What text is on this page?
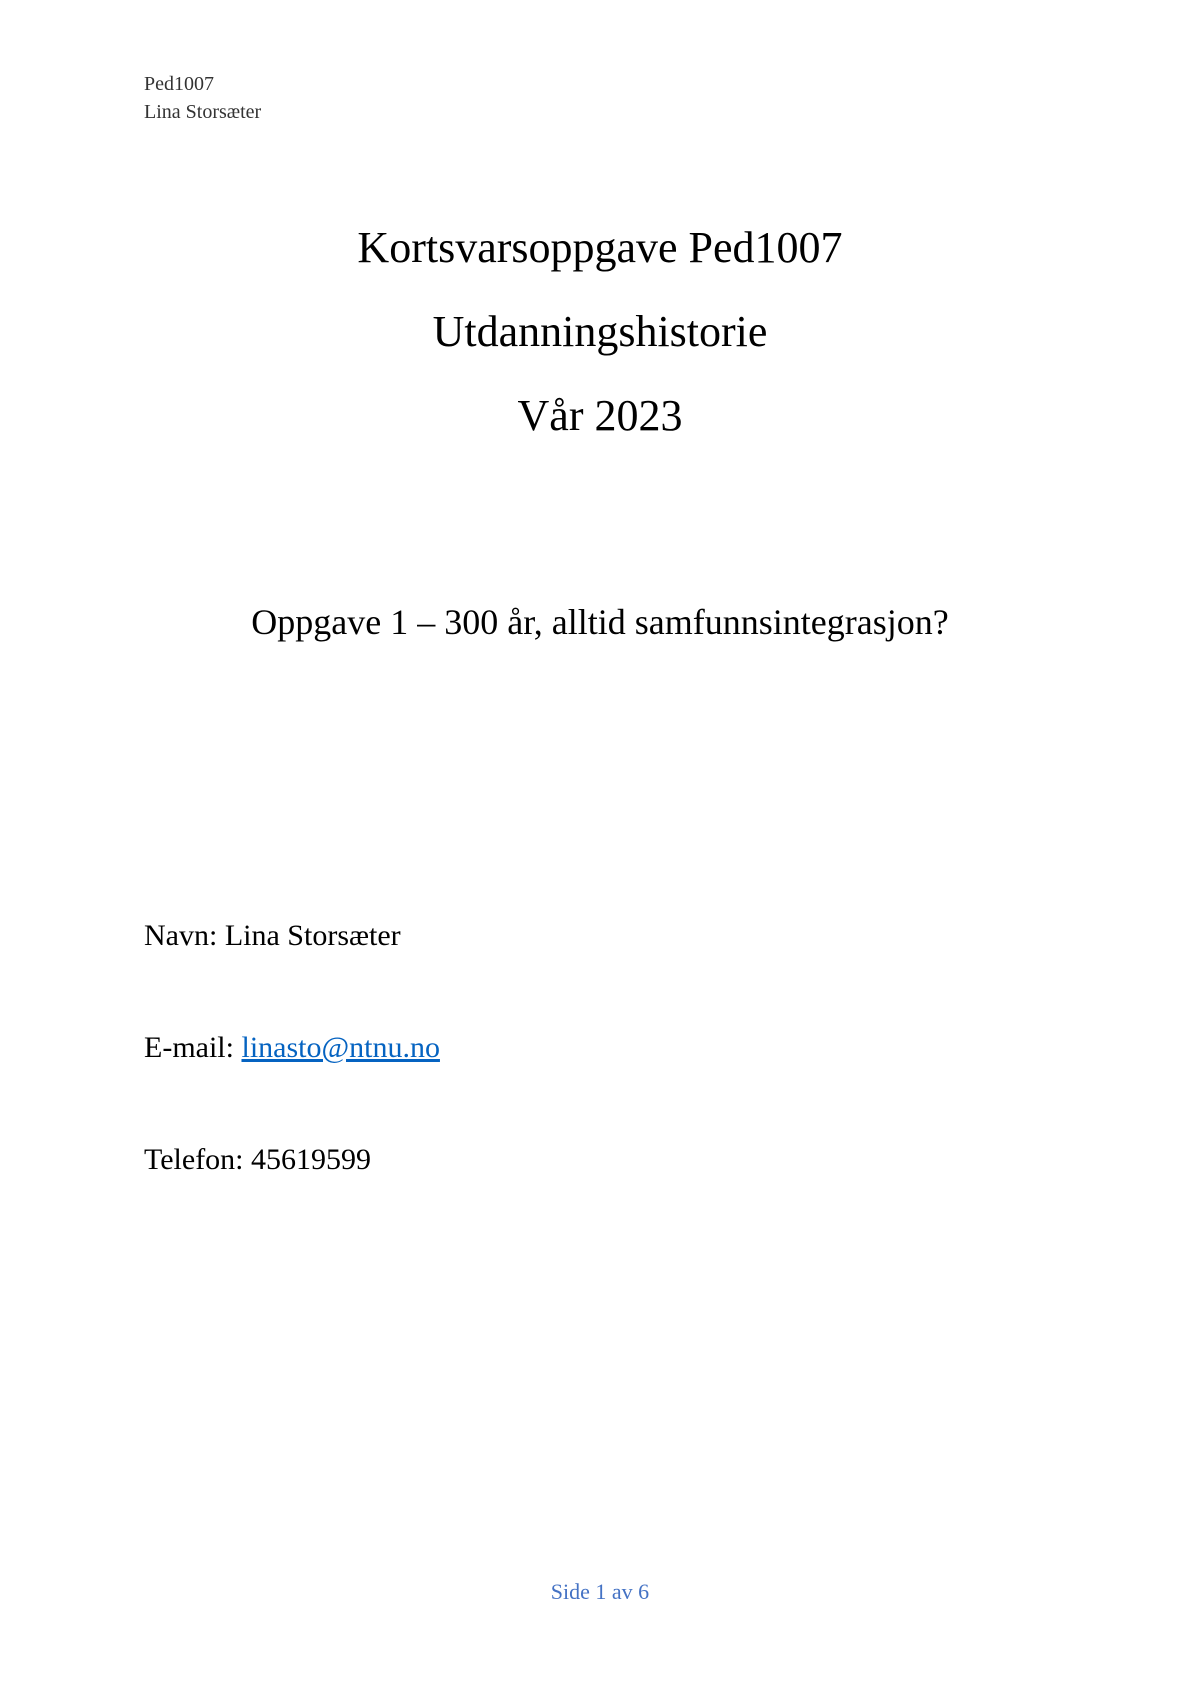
Ped1007
Lina Storsæter
Kortsvarsoppgave Ped1007
Utdanningshistorie
Vår 2023
Oppgave 1 – 300 år, alltid samfunnsintegrasjon?
Navn: Lina Storsæter
E-mail: linasto@ntnu.no
Telefon: 45619599
Side 1 av 6
